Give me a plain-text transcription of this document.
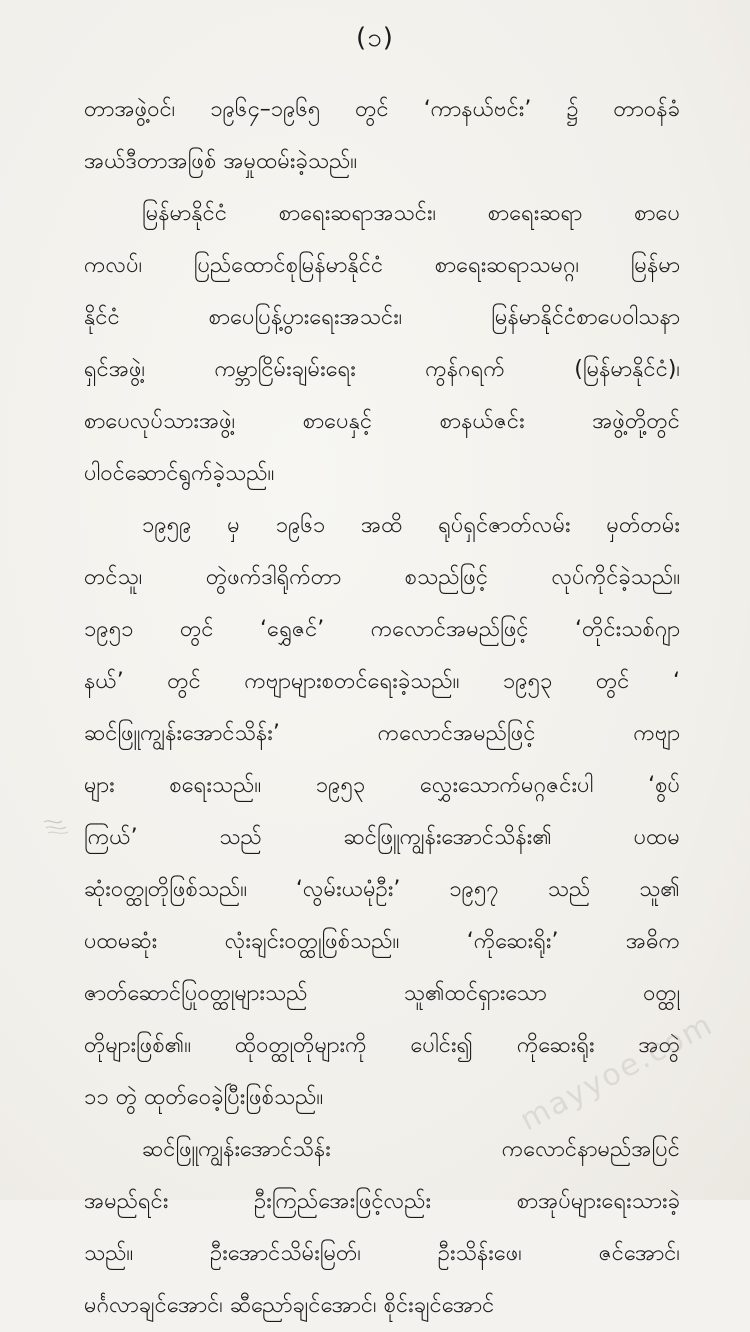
(၁)
တာအဖွဲ့ဝင်၊ ၁၉၆၄–၁၉၆၅ တွင် ‘ကာနယ်ဗင်း’ ၌ တာဝန်ခံ
အယ်ဒီတာအဖြစ် အမှုထမ်းခဲ့သည်။
မြန်မာနိုင်ငံ စာရေးဆရာအသင်း၊ စာရေးဆရာ စာပေ
ကလပ်၊ ပြည်ထောင်စုမြန်မာနိုင်ငံ စာရေးဆရာသမဂ္ဂ၊ မြန်မာ
နိုင်ငံ စာပေပြန့်ပွားရေးအသင်း၊ မြန်မာနိုင်ငံစာပေဝါသနာ
ရှင်အဖွဲ့၊ ကမ္ဘာငြိမ်းချမ်းရေး ကွန်ဂရက် (မြန်မာနိုင်ငံ)၊
စာပေလုပ်သားအဖွဲ့၊ စာပေနှင့် စာနယ်ဇင်း အဖွဲ့တို့တွင်
ပါဝင်ဆောင်ရွက်ခဲ့သည်။
၁၉၅၉ မှ ၁၉၆၁ အထိ ရုပ်ရှင်ဇာတ်လမ်း မှတ်တမ်း
တင်သူ၊ တွဲဖက်ဒါရိုက်တာ စသည်ဖြင့် လုပ်ကိုင်ခဲ့သည်။
၁၉၅၁ တွင် ‘ရွှေဇင်’ ကလောင်အမည်ဖြင့် ‘တိုင်းသစ်ဂျာ
နယ်’ တွင် ကဗျာများစတင်ရေးခဲ့သည်။ ၁၉၅၃ တွင် ‘
ဆင်ဖြူကျွန်းအောင်သိန်း’ ကလောင်အမည်ဖြင့် ကဗျာ
များ စရေးသည်။ ၁၉၅၃ လွှေးသောက်မဂ္ဂဇင်းပါ ‘စွပ်
ကြယ်’ သည် ဆင်ဖြူကျွန်းအောင်သိန်း၏ ပထမ
ဆုံးဝတ္ထုတိုဖြစ်သည်။ ‘လွမ်းယမုံဦး’ ၁၉၅၇ သည် သူ၏
ပထမဆုံး လုံးချင်းဝတ္ထုဖြစ်သည်။ ‘ကိုဆေးရိုး’ အဓိက
ဇာတ်ဆောင်ပြုဝတ္ထုများသည် သူ၏ထင်ရှားသော ဝတ္ထု
တိုများဖြစ်၏။ ထိုဝတ္ထုတိုများကို ပေါင်း၍ ကိုဆေးရိုး အတွဲ
၁၁ တွဲ ထုတ်ဝေခဲ့ပြီးဖြစ်သည်။
ဆင်ဖြူကျွန်းအောင်သိန်း ကလောင်နာမည်အပြင်
အမည်ရင်း ဦးကြည်အေးဖြင့်လည်း စာအုပ်များရေးသားခဲ့
သည်။ ဦးအောင်သိမ်းမြတ်၊ ဦးသိန်းဖေ၊ ဇင်အောင်၊
မင်္ဂလာချင်အောင်၊ ဆီညော်ချင်အောင်၊ စိုင်းချင်အောင်
mayyoe.com
